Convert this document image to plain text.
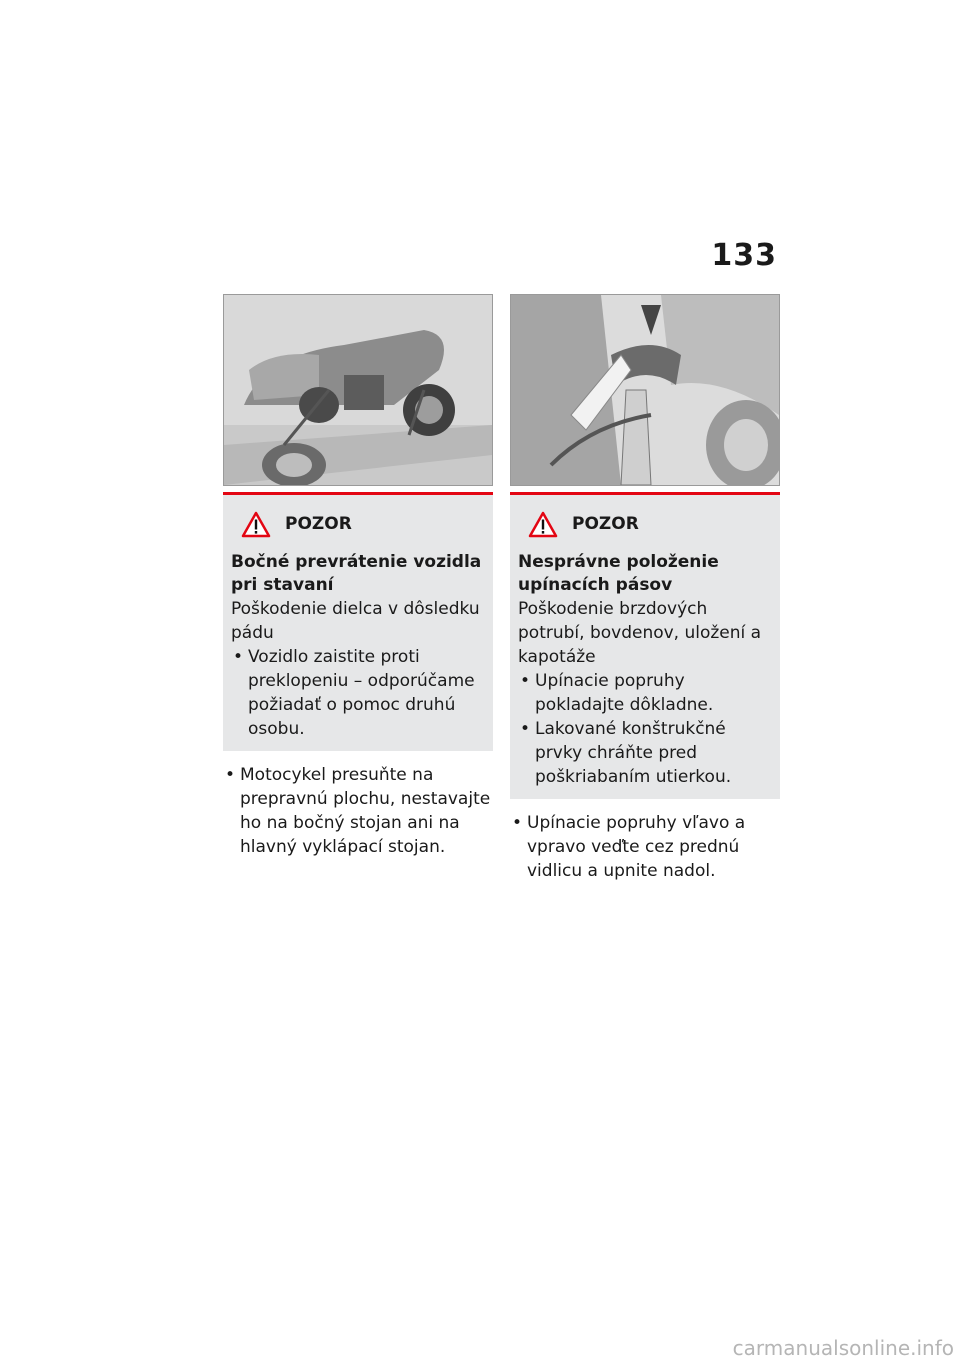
133
POZOR
Bočné prevrátenie vozidla pri stavaní
Poškodenie dielca v dôsledku pádu
• Vozidlo zaistite proti preklopeniu – odporúčame požiadať o pomoc druhú osobu.
• Motocykel presuňte na prepravnú plochu, nestavajte ho na bočný stojan ani na hlavný vyklápací stojan.
POZOR
Nesprávne položenie upínacích pásov
Poškodenie brzdových potrubí, bovdenov, uložení a kapotáže
• Upínacie popruhy pokladajte dôkladne.
• Lakované konštrukčné prvky chráňte pred poškriabaním utierkou.
• Upínacie popruhy vľavo a vpravo veďte cez prednú vidlicu a upnite nadol.
carmanualsonline.info
